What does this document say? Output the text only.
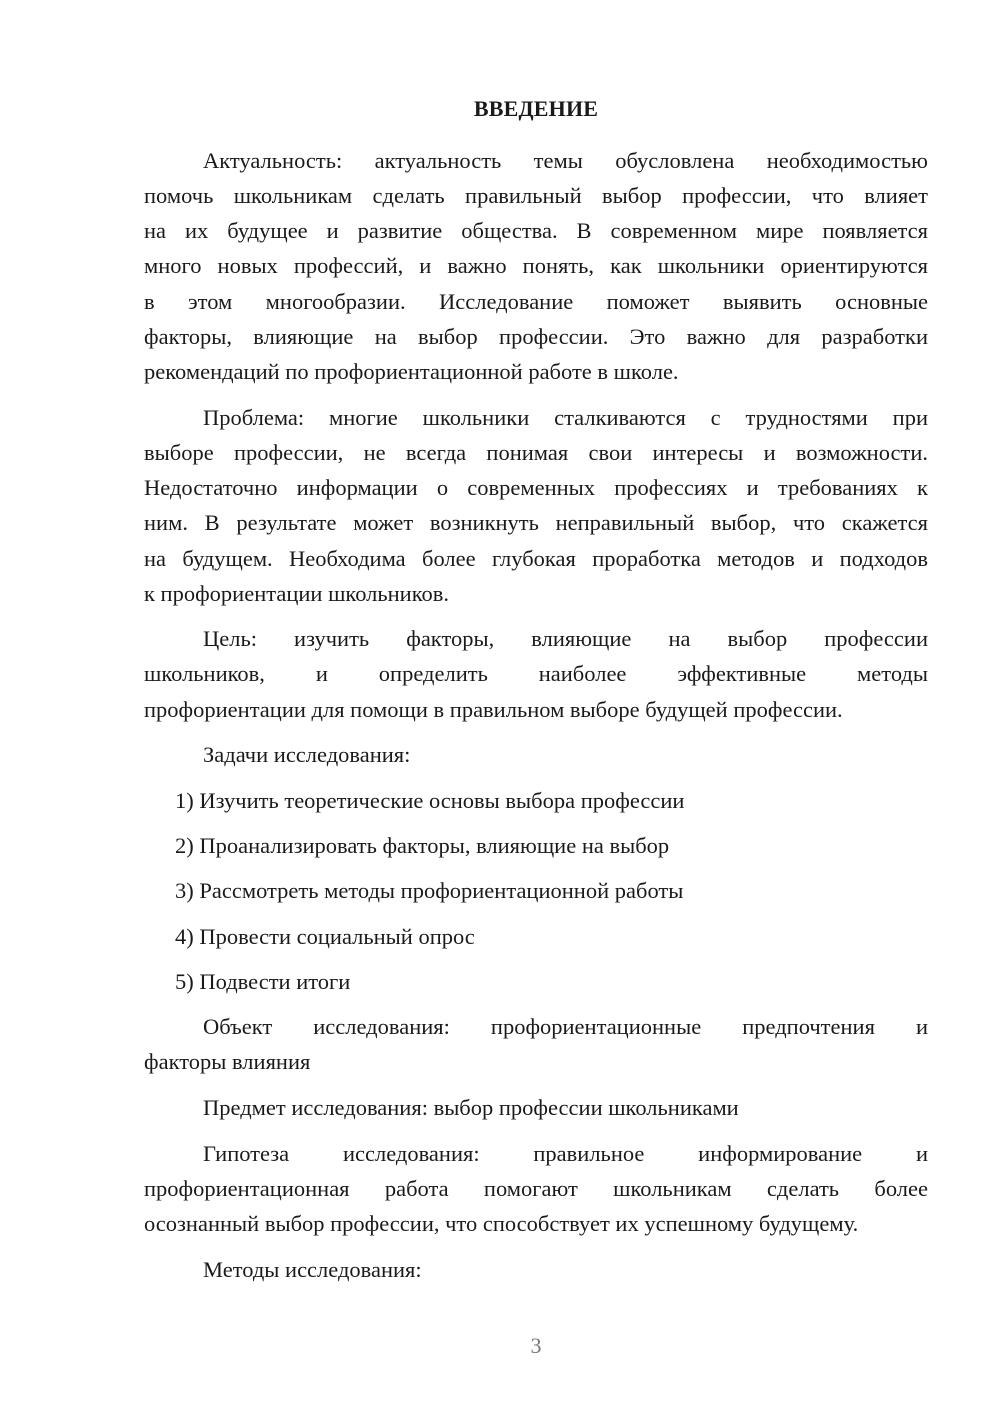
ВВЕДЕНИЕ
Актуальность: актуальность темы обусловлена необходимостью
помочь школьникам сделать правильный выбор профессии, что влияет
на их будущее и развитие общества. В современном мире появляется
много новых профессий, и важно понять, как школьники ориентируются
в этом многообразии. Исследование поможет выявить основные
факторы, влияющие на выбор профессии. Это важно для разработки
рекомендаций по профориентационной работе в школе.
Проблема: многие школьники сталкиваются с трудностями при
выборе профессии, не всегда понимая свои интересы и возможности.
Недостаточно информации о современных профессиях и требованиях к
ним. В результате может возникнуть неправильный выбор, что скажется
на будущем. Необходима более глубокая проработка методов и подходов
к профориентации школьников.
Цель: изучить факторы, влияющие на выбор профессии
школьников, и определить наиболее эффективные методы
профориентации для помощи в правильном выборе будущей профессии.
Задачи исследования:
1) Изучить теоретические основы выбора профессии
2) Проанализировать факторы, влияющие на выбор
3) Рассмотреть методы профориентационной работы
4) Провести социальный опрос
5) Подвести итоги
Объект исследования: профориентационные предпочтения и
факторы влияния
Предмет исследования: выбор профессии школьниками
Гипотеза исследования: правильное информирование и
профориентационная работа помогают школьникам сделать более
осознанный выбор профессии, что способствует их успешному будущему.
Методы исследования:
3
